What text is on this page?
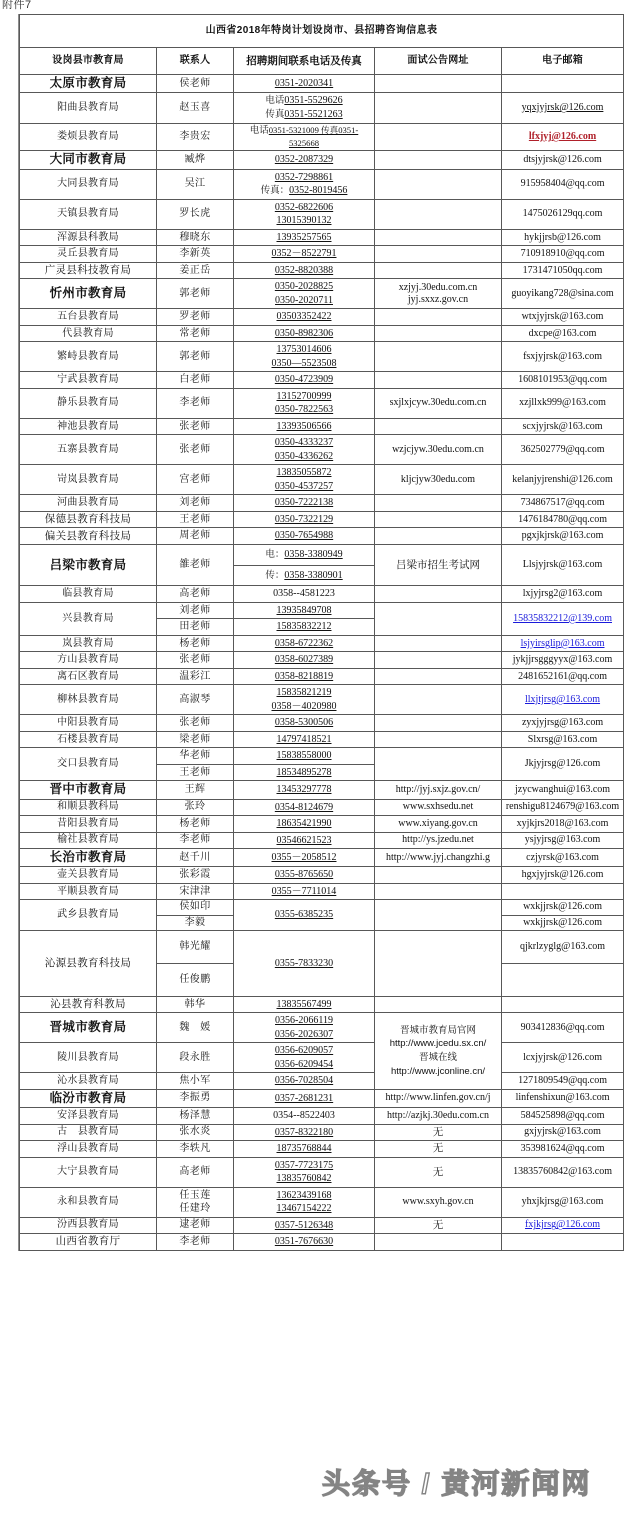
附件7
山西省2018年特岗计划设岗市、县招聘咨询信息表				
设岗县市教育局	联系人	招聘期间联系电话及传真	面试公告网址	电子邮箱
太原市教育局	侯老师	0351-2020341		

阳曲县教育局	赵玉喜	电话0351-5529626
传真0351-5521263		yqxjyjrsk@126.com
娄烦县教育局	李贵宏	电话0351-5321009 传真0351-
5325668		lfxjyj@126.com
大同市教育局	臧烨	0352-2087329		dtsjyjrsk@126.com
大同县教育局	吴江	0352-7298861
传真：0352-8019456		915958404@qq.com
天镇县教育局	罗长虎	0352-6822606
13015390132		1475026129qq.com
浑源县科教局	穆晓东	13935257565		hykjjrsb@126.com
灵丘县教育局	李新英	0352－8522791		710918910@qq.com
广灵县科技教育局	姜正岳	0352-8820388		1731471050qq.com
忻州市教育局	郭老师	0350-2028825
0350-2020711	xzjyj.30edu.com.cn
jyj.sxxz.gov.cn	guoyikang728@sina.com
五台县教育局	罗老师	03503352422		wtxjyjrsk@163.com
代县教育局	常老师	0350-8982306		dxcpe@163.com
繁峙县教育局	郭老师	13753014606
0350—5523508		fsxjyjrsk@163.com
宁武县教育局	白老师	0350-4723909		1608101953@qq.com
静乐县教育局	李老师	13152700999
0350-7822563	sxjlxjcyw.30edu.com.cn	xzjllxk999@163.com
神池县教育局	张老师	13393506566		scxjyjrsk@163.com
五寨县教育局	张老师	0350-4333237
0350-4336262	wzjcjyw.30edu.com.cn	362502779@qq.com
岢岚县教育局	宫老师	13835055872
0350-4537257	kljcjyw30edu.com	kelanjyjrenshi@126.com
河曲县教育局	刘老师	0350-7222138		734867517@qq.com
保德县教育科技局	王老师	0350-7322129		1476184780@qq.com
偏关县教育科技局	周老师	0350-7654988		pgxjkjrsk@163.com
吕梁市教育局	雒老师	电：0358-3380949
传：0358-3380901	吕梁市招生考试网	Llsjyjrsk@163.com
临县教育局	高老师	0358--4581223		lxjyjrsg2@163.com
兴县教育局	刘老师	13935849708		15835832212@139.com
	田老师	15835832212		

岚县教育局	杨老师	0358-6722362		lsjyirsglip@163.com
方山县教育局	张老师	0358-6027389		jykjjrsgggyyx@163.com
离石区教育局	温彩江	0358-8218819		2481652161@qq.com
柳林县教育局	高淑琴	15835821219
0358－4020980		llxjtjrsg@163.com
中阳县教育局	张老师	0358-5300506		zyxjyjrsg@163.com
石楼县教育局	梁老师	14797418521		Slxrsg@163.com
交口县教育局	华老师	15838558000		Jkjyjrsg@126.com
	王老师	18534895278		

晋中市教育局	王辉	13453297778	http://jyj.sxjz.gov.cn/	jzycwanghui@163.com
和顺县教科局	张玲	0354-8124679	www.sxhsedu.net	renshigu8124679@163.com
昔阳县教育局	杨老师	18635421990	www.xiyang.gov.cn	xyjkjrs2018@163.com
榆社县教育局	李老师	03546621523	http://ys.jzedu.net	ysjyjrsg@163.com
长治市教育局	赵千川	0355－2058512	http://www.jyj.changzhi.g	czjyrsk@163.com
壶关县教育局	张彩霞	0355-8765650		hgxjyjrsk@126.com
平顺县教育局	宋津津	0355－7711014		

武乡县教育局	侯如印	0355-6385235		wxkjjrsk@126.com
	李毅			wxkjjrsk@126.com
沁源县教育科技局	韩光耀	0355-7833230		qjkrlzyglg@163.com
	任俊鹏			
沁县教育科教局	韩华	13835567499		

晋城市教育局	魏　媛	0356-2066119
0356-2026307	晋城市教育局官网
http://www.jcedu.sx.cn/
晋城在线
http://www.jconline.cn/	903412836@qq.com
陵川县教育局	段永胜	0356-6209057
0356-6209454		lcxjyjrsk@126.com
沁水县教育局	焦小军	0356-7028504		1271809549@qq.com
临汾市教育局	李振勇	0357-2681231	http://www.linfen.gov.cn/j	linfenshixun@163.com
安泽县教育局	杨泽慧	0354--8522403	http://azjkj.30edu.com.cn	584525898@qq.com
古　县教育局	张水炎	0357-8322180	无	gxjyjrsk@163.com
浮山县教育局	李轶凡	18735768844	无	353981624@qq.com
大宁县教育局	高老师	0357-7723175
13835760842	无	13835760842@163.com
永和县教育局	任玉莲
任建玲	13623439168
13467154222	www.sxyh.gov.cn	yhxjkjrsg@163.com
汾西县教育局	逮老师	0357-5126348	无	fxjkjrsg@126.com
山西省教育厅	李老师	0351-7676630		

头条号 / 黄河新闻网
